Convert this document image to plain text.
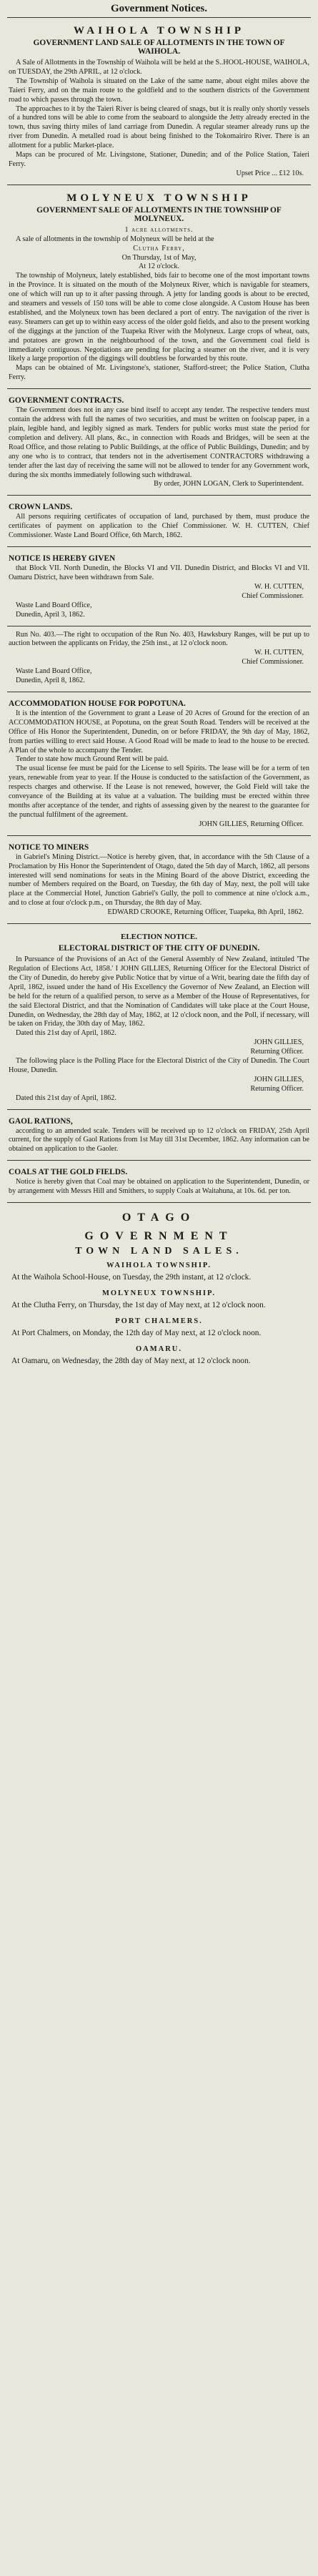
Government Notices.
WAIHOLA TOWNSHIP
GOVERNMENT LAND SALE OF ALLOTMENTS IN THE TOWN OF WAIHOLA.

A Sale of Allotments in the Township of Waihola will be held at the S..HOOL-HOUSE, WAIHOLA, on TUESDAY, the 29th APRIL, at 12 o'clock.

The Township of Waihola is situated on the Lake of the same name, about eight miles above the Taieri Ferry, and on the main route to the goldfield and to the southern districts of the Government road to which passes through the town.

The approaches to it by the Taieri River is being cleared of snags, but it is really only shortly vessels of a hundred tons will be able to come from the seaboard to alongside the Jetty already erected in the town, thus saving thirty miles of land carriage from Dunedin. A regular steamer already runs up the river from Dunedin. A metalled road is about being finished to the Tokomairiro River. There is an allotment for a public Market-place.

Maps can be procured of Mr. Livingstone, Stationer, Dunedin; and of the Police Station, Taieri Ferry.

Upset Price ... £12 10s.

MOLYNEUX TOWNSHIP
GOVERNMENT SALE OF ALLOTMENTS IN THE TOWNSHIP OF MOLYNEUX.

1 acre allotments.

A sale of allotments in the township of Molyneux will be held at the

Clutha Ferry,

On Thursday, 1st of May,

At 12 o'clock.

The township of Molyneux, lately established, bids fair to become one of the most important towns in the Province. It is situated on the mouth of the Molyneux River, which is navigable for steamers, one of which will run up to it after passing through. A jetty for landing goods is about to be erected, and steamers and vessels of 150 tons will be able to come close alongside. A Custom House has been established, and the Molyneux town has been declared a port of entry. The navigation of the river is easy. Steamers can get up to within easy access of the older gold fields, and also to the present working of the diggings at the junction of the Tuapeka River with the Molyneux. Large crops of wheat, oats, and potatoes are grown in the neighbourhood of the town, and the Government coal field is immediately contiguous. Negotiations are pending for placing a steamer on the river, and it is very likely a large proportion of the diggings will doubtless be forwarded by this route.

Maps can be obtained of Mr. Livingstone's, stationer, Stafford-street; the Police Station, Clutha Ferry.

GOVERNMENT CONTRACTS.

The Government does not in any case bind itself to accept any tender. The respective tenders must contain the address with full the names of two securities, and must be written on foolscap paper, in a plain, legible hand, and legibly signed as mark. Tenders for public works must state the period for completion and delivery. All plans, &c., in connection with Roads and Bridges, will be seen at the Road Office, and those relating to Public Buildings, at the office of Public Buildings, Dunedin; and by any one who is to contract, that tenders not in the advertisement CONTRACTORS withdrawing a tender after the last day of receiving the same will not be allowed to tender for any Government work, during the six months immediately following such withdrawal.

By order, JOHN LOGAN, Clerk to Superintendent.

CROWN LANDS.

All persons requiring certificates of occupation of land, purchased by them, must produce the certificates of payment on application to the Chief Commissioner. W. H. CUTTEN, Chief Commissioner. Waste Land Board Office, 6th March, 1862.

NOTICE IS HEREBY GIVEN

that Block VII. North Dunedin, the Blocks VI and VII. Dunedin District, and Blocks VI and VII. Oamaru District, have been withdrawn from Sale.

W. H. CUTTEN,

Chief Commissioner.

Waste Land Board Office,

Dunedin, April 3, 1862.

Run No. 403.—The right to occupation of the Run No. 403, Hawksbury Ranges, will be put up to auction between the applicants on Friday, the 25th inst., at 12 o'clock noon.

W. H. CUTTEN,

Chief Commissioner.

Waste Land Board Office,

Dunedin, April 8, 1862.

ACCOMMODATION HOUSE FOR POPOTUNA.

It is the intention of the Government to grant a Lease of 20 Acres of Ground for the erection of an ACCOMMODATION HOUSE, at Popotuna, on the great South Road. Tenders will be received at the Office of His Honor the Superintendent, Dunedin, on or before FRIDAY, the 9th day of May, 1862, from parties willing to erect said House. A Good Road will be made to lead to the house to be erected. A Plan of the whole to accompany the Tender.

Tender to state how much Ground Rent will be paid.

The usual license fee must be paid for the License to sell Spirits. The lease will be for a term of ten years, renewable from year to year. If the House is conducted to the satisfaction of the Government, as respects charges and otherwise. If the Lease is not renewed, however, the Gold Field will take the conveyance of the Building at its value at a valuation. The building must be erected within three months after acceptance of the tender, and rights of assessing given by the nearest to the guarantee for the punctual fulfilment of the agreement.

JOHN GILLIES, Returning Officer.

NOTICE TO MINERS

in Gabriel's Mining District.—Notice is hereby given, that, in accordance with the 5th Clause of a Proclamation by His Honor the Superintendent of Otago, dated the 5th day of March, 1862, all persons interested will send nominations for seats in the Mining Board of the above District, exceeding the number of Members required on the Board, on Tuesday, the 6th day of May, next, the poll will take place at the Commercial Hotel, Junction Gabriel's Gully, the poll to commence at nine o'clock a.m., and to close at four o'clock p.m., on Thursday, the 8th day of May.

EDWARD CROOKE, Returning Officer, Tuapeka, 8th April, 1862.

ELECTION NOTICE.
ELECTORAL DISTRICT OF THE CITY OF DUNEDIN.

In Pursuance of the Provisions of an Act of the General Assembly of New Zealand, intituled 'The Regulation of Elections Act, 1858.' I JOHN GILLIES, Returning Officer for the Electoral District of the City of Dunedin, do hereby give Public Notice that by virtue of a Writ, bearing date the fifth day of April, 1862, issued under the hand of His Excellency the Governor of New Zealand, an Election will be held for the return of a qualified person, to serve as a Member of the House of Representatives, for the said Electoral District, and that the Nomination of Candidates will take place at the Court House, Dunedin, on Wednesday, the 28th day of May, 1862, at 12 o'clock noon, and the Poll, if necessary, will be taken on Friday, the 30th day of May, 1862.

Dated this 21st day of April, 1862.

JOHN GILLIES,

Returning Officer.

The following place is the Polling Place for the Electoral District of the City of Dunedin. The Court House, Dunedin.

JOHN GILLIES,

Returning Officer.

Dated this 21st day of April, 1862.

GAOL RATIONS,

according to an amended scale. Tenders will be received up to 12 o'clock on FRIDAY, 25th April current, for the supply of Gaol Rations from 1st May till 31st December, 1862. Any information can be obtained on application to the Gaoler.

COALS AT THE GOLD FIELDS.

Notice is hereby given that Coal may be obtained on application to the Superintendent, Dunedin, or by arrangement with Messrs Hill and Smithers, to supply Coals at Waitahuna, at 10s. 6d. per ton.

OTAGO
GOVERNMENT
TOWN LAND SALES.
WAIHOLA TOWNSHIP.

At the Waihola School-House, on Tuesday, the 29th instant, at 12 o'clock.

MOLYNEUX TOWNSHIP.

At the Clutha Ferry, on Thursday, the 1st day of May next, at 12 o'clock noon.

PORT CHALMERS.

At Port Chalmers, on Monday, the 12th day of May next, at 12 o'clock noon.

OAMARU.

At Oamaru, on Wednesday, the 28th day of May next, at 12 o'clock noon.
